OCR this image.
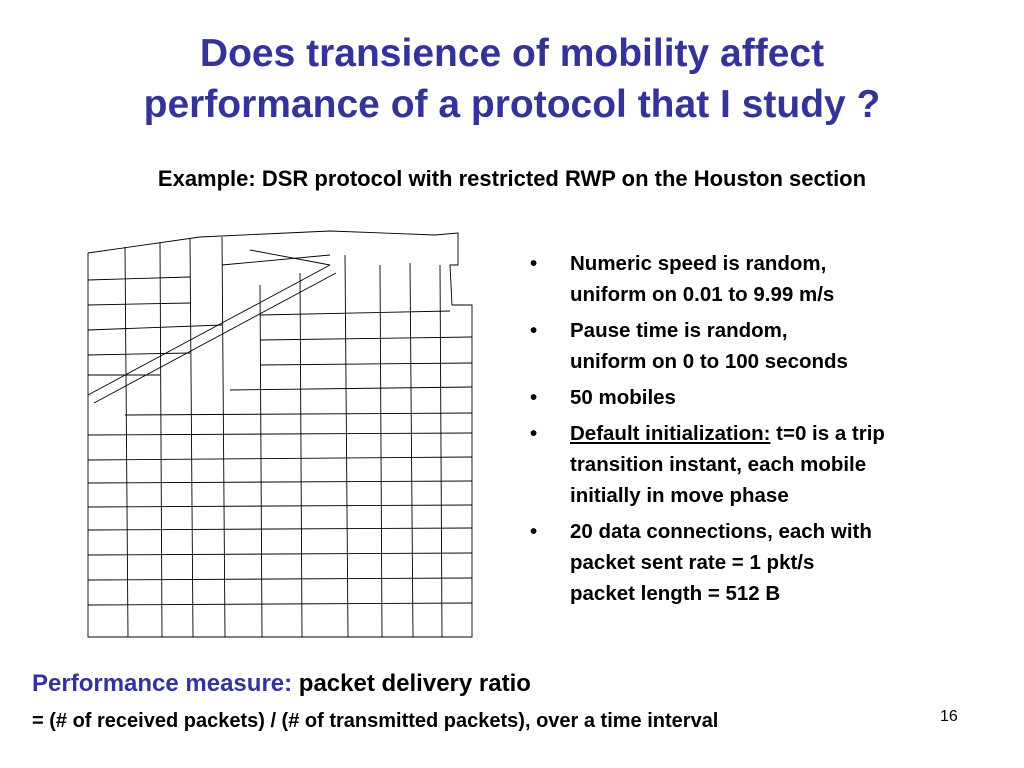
Does transience of mobility affect
performance of a protocol that I study ?
Example: DSR protocol with restricted RWP on the Houston section
• Numeric speed is random,
uniform on 0.01 to 9.99 m/s
• Pause time is random,
uniform on 0 to 100 seconds
• 50 mobiles
• Default initialization: t=0 is a trip
transition instant, each mobile
initially in move phase
• 20 data connections, each with
packet sent rate = 1 pkt/s
packet length = 512 B
Performance measure: packet delivery ratio
= (# of received packets) / (# of transmitted packets), over a time interval	16
